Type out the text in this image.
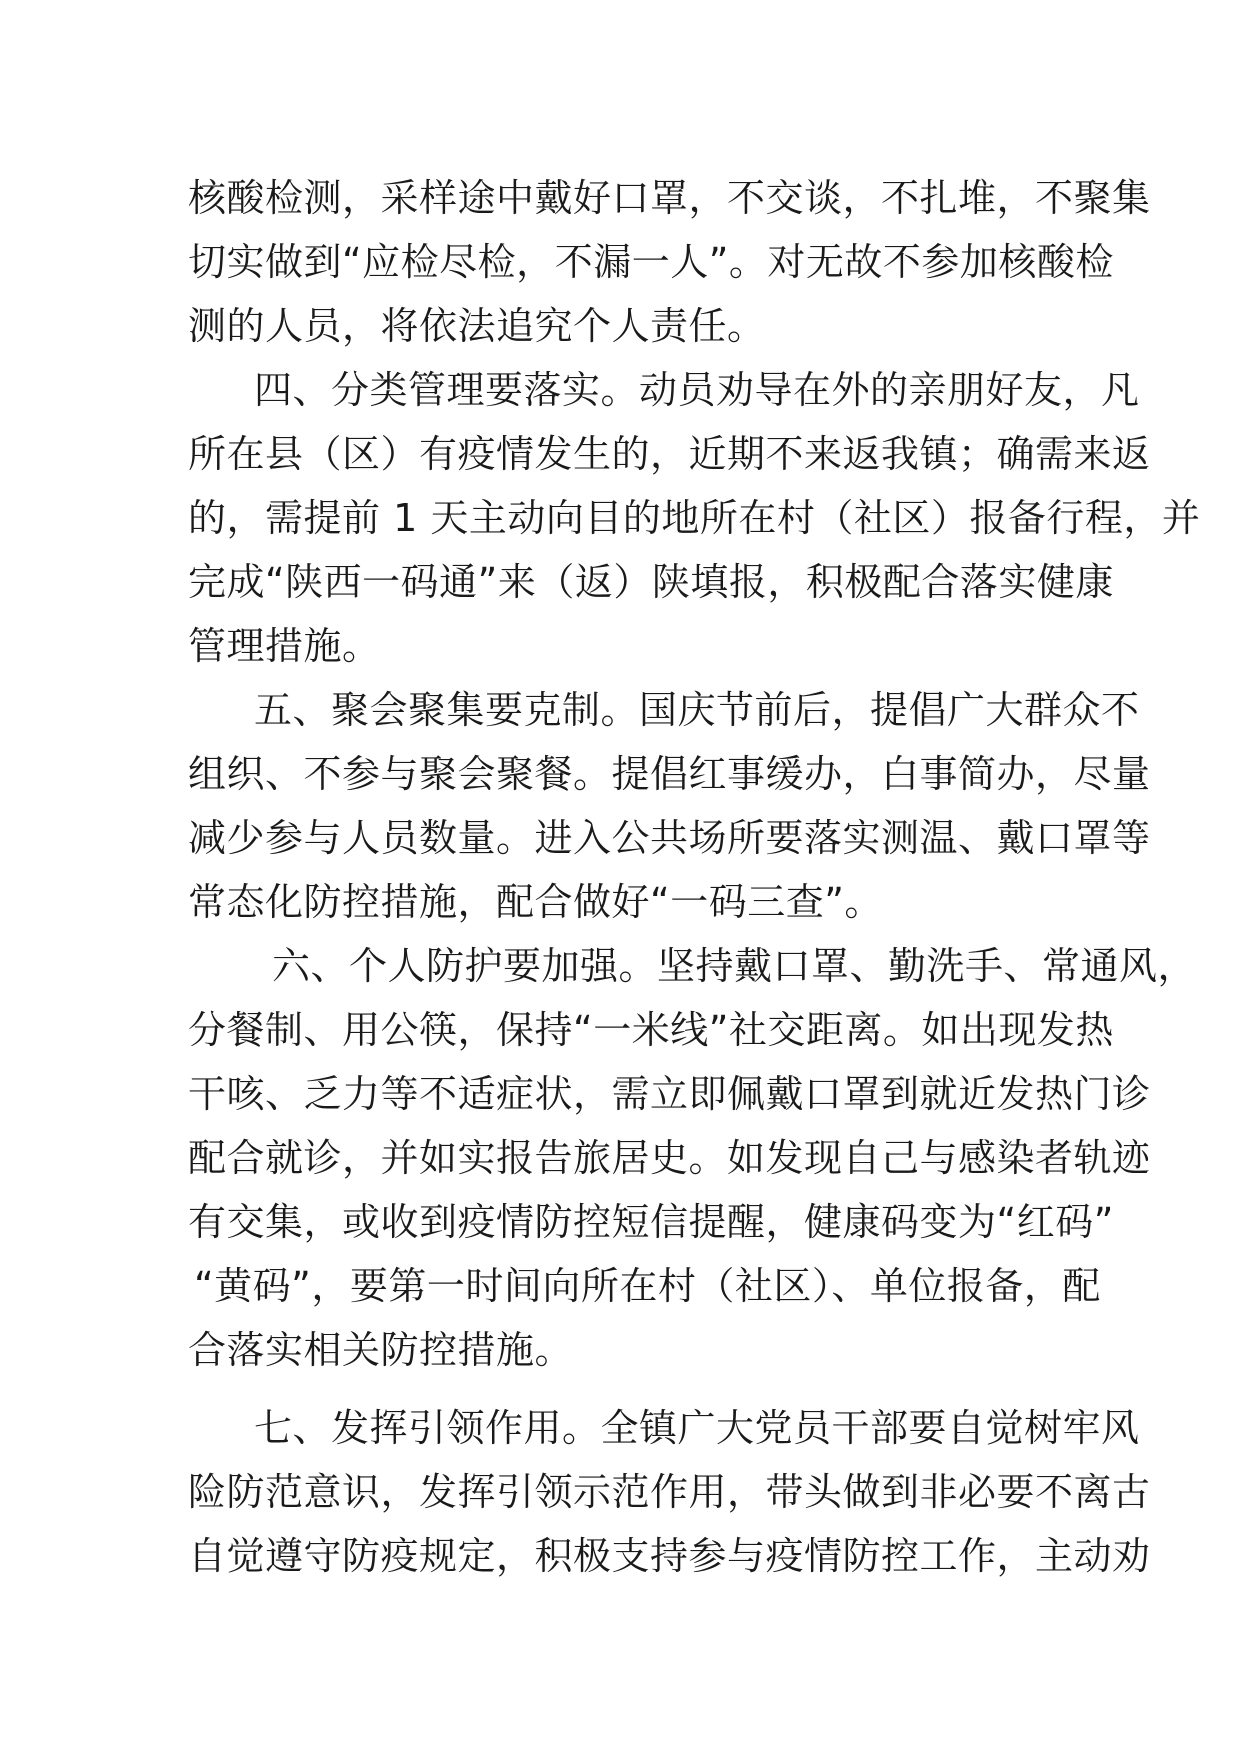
核酸检测，采样途中戴好口罩，不交谈，不扎堆，不聚集
切实做到“应检尽检，不漏一人”。对无故不参加核酸检
测的人员，将依法追究个人责任。
四、分类管理要落实。动员劝导在外的亲朋好友，凡
所在县（区）有疫情发生的，近期不来返我镇；确需来返
的，需提前 1 天主动向目的地所在村（社区）报备行程，并
完成“陕西一码通”来（返）陕填报，积极配合落实健康
管理措施。
五、聚会聚集要克制。国庆节前后，提倡广大群众不
组织、不参与聚会聚餐。提倡红事缓办，白事简办，尽量
减少参与人员数量。进入公共场所要落实测温、戴口罩等
常态化防控措施，配合做好“一码三查”。
六、个人防护要加强。坚持戴口罩、勤洗手、常通风，
分餐制、用公筷，保持“一米线”社交距离。如出现发热
干咳、乏力等不适症状，需立即佩戴口罩到就近发热门诊
配合就诊，并如实报告旅居史。如发现自己与感染者轨迹
有交集，或收到疫情防控短信提醒，健康码变为“红码”
“黄码”，要第一时间向所在村（社区）、单位报备，配
合落实相关防控措施。
七、发挥引领作用。全镇广大党员干部要自觉树牢风
险防范意识，发挥引领示范作用，带头做到非必要不离古
自觉遵守防疫规定，积极支持参与疫情防控工作，主动劝
